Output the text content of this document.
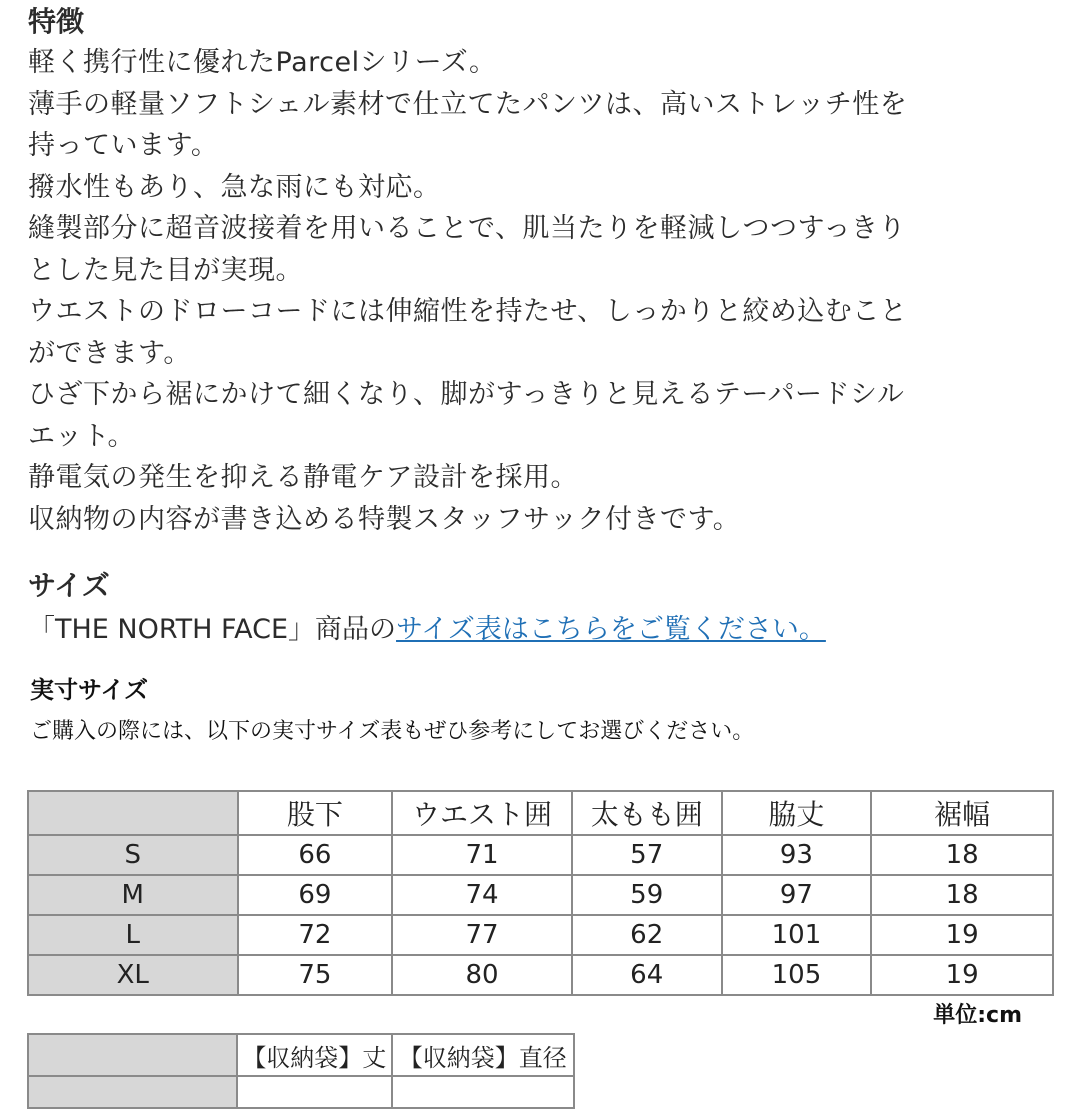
特徴
軽く携行性に優れたParcelシリーズ。
薄手の軽量ソフトシェル素材で仕立てたパンツは、高いストレッチ性を
持っています。
撥水性もあり、急な雨にも対応。
縫製部分に超音波接着を用いることで、肌当たりを軽減しつつすっきり
とした見た目が実現。
ウエストのドローコードには伸縮性を持たせ、しっかりと絞め込むこと
ができます。
ひざ下から裾にかけて細くなり、脚がすっきりと見えるテーパードシル
エット。
静電気の発生を抑える静電ケア設計を採用。
収納物の内容が書き込める特製スタッフサック付きです。
サイズ
「THE NORTH FACE」商品のサイズ表はこちらをご覧ください。
実寸サイズ
ご購入の際には、以下の実寸サイズ表もぜひ参考にしてお選びください。
	股下	ウエスト囲	太もも囲	脇丈	裾幅
S	66	71	57	93	18
M	69	74	59	97	18
L	72	77	62	101	19
XL	75	80	64	105	19
単位:cm
	【収納袋】丈	【収納袋】直径
